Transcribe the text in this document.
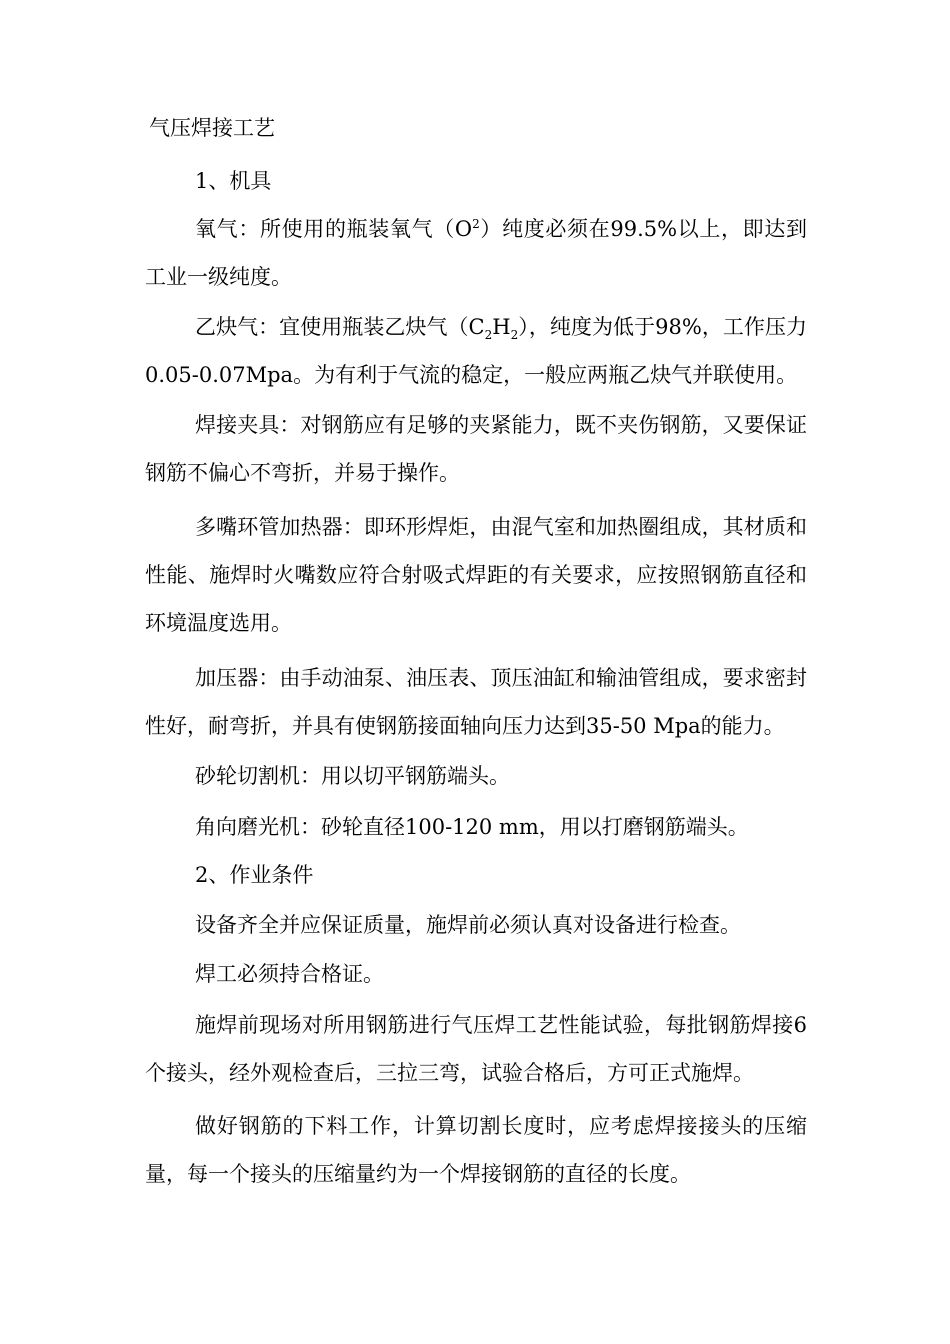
气压焊接工艺
1、机具
氧气：所使用的瓶装氧气$(O^2)$纯度必须在99.5%以上，即达到工业一级纯度。
乙炔气：宜使用瓶装乙炔气$(C_2H_2)$，纯度为低于98%，工作压力0.05-0.07Mpa。为有利于气流的稳定，一般应两瓶乙炔气并联使用。
焊接夹具：对钢筋应有足够的夹紧能力，既不夹伤钢筋，又要保证钢筋不偏心不弯折，并易于操作。
多嘴环管加热器：即环形焊炬，由混气室和加热圈组成，其材质和性能、施焊时火嘴数应符合射吸式焊距的有关要求，应按照钢筋直径和环境温度选用。
加压器：由手动油泵、油压表、顶压油缸和输油管组成，要求密封性好，耐弯折，并具有使钢筋接面轴向压力达到35-50 Mpa的能力。
砂轮切割机：用以切平钢筋端头。
角向磨光机：砂轮直径100-120 mm，用以打磨钢筋端头。
2、作业条件
设备齐全并应保证质量，施焊前必须认真对设备进行检查。
焊工必须持合格证。
施焊前现场对所用钢筋进行气压焊工艺性能试验，每批钢筋焊接6个接头，经外观检查后，三拉三弯，试验合格后，方可正式施焊。
做好钢筋的下料工作，计算切割长度时，应考虑焊接接头的压缩量，每一个接头的压缩量约为一个焊接钢筋的直径的长度。
